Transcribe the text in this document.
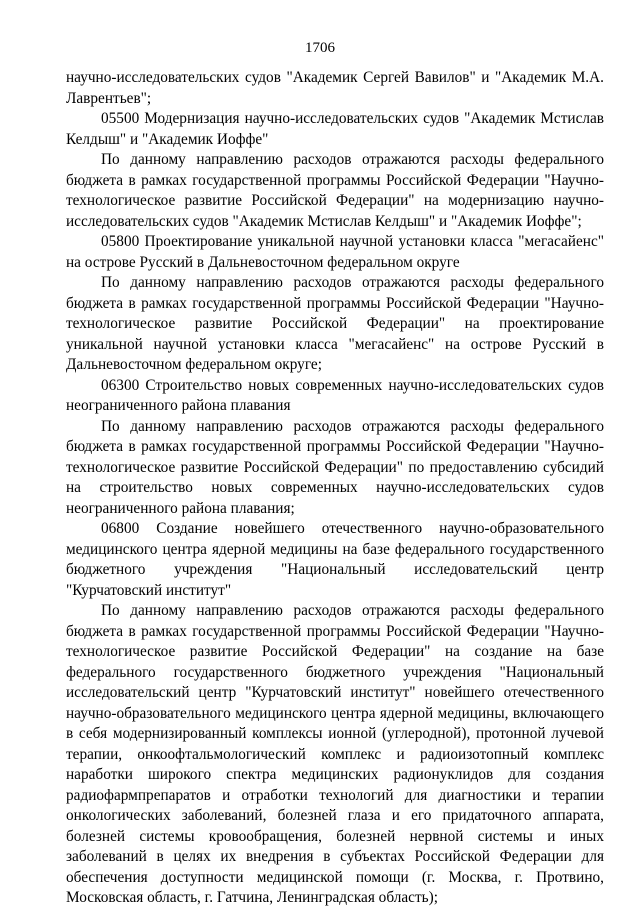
1706

научно-исследовательских судов "Академик Сергей Вавилов" и "Академик М.А. Лаврентьев";

05500 Модернизация научно-исследовательских судов "Академик Мстислав Келдыш" и "Академик Иоффе"

По данному направлению расходов отражаются расходы федерального бюджета в рамках государственной программы Российской Федерации "Научно-технологическое развитие Российской Федерации" на модернизацию научно-исследовательских судов "Академик Мстислав Келдыш" и "Академик Иоффе";

05800 Проектирование уникальной научной установки класса "мегасайенс" на острове Русский в Дальневосточном федеральном округе

По данному направлению расходов отражаются расходы федерального бюджета в рамках государственной программы Российской Федерации "Научно-технологическое развитие Российской Федерации" на проектирование уникальной научной установки класса "мегасайенс" на острове Русский в Дальневосточном федеральном округе;

06300 Строительство новых современных научно-исследовательских судов неограниченного района плавания

По данному направлению расходов отражаются расходы федерального бюджета в рамках государственной программы Российской Федерации "Научно-технологическое развитие Российской Федерации" по предоставлению субсидий на строительство новых современных научно-исследовательских судов неограниченного района плавания;

06800 Создание новейшего отечественного научно-образовательного медицинского центра ядерной медицины на базе федерального государственного бюджетного учреждения "Национальный исследовательский центр "Курчатовский институт"

По данному направлению расходов отражаются расходы федерального бюджета в рамках государственной программы Российской Федерации "Научно-технологическое развитие Российской Федерации" на создание на базе федерального государственного бюджетного учреждения "Национальный исследовательский центр "Курчатовский институт" новейшего отечественного научно-образовательного медицинского центра ядерной медицины, включающего в себя модернизированный комплексы ионной (углеродной), протонной лучевой терапии, онкоофтальмологический комплекс и радиоизотопный комплекс наработки широкого спектра медицинских радионуклидов для создания радиофармпрепаратов и отработки технологий для диагностики и терапии онкологических заболеваний, болезней глаза и его придаточного аппарата, болезней системы кровообращения, болезней нервной системы и иных заболеваний в целях их внедрения в субъектах Российской Федерации для обеспечения доступности медицинской помощи (г. Москва, г. Протвино, Московская область, г. Гатчина, Ленинградская область);
